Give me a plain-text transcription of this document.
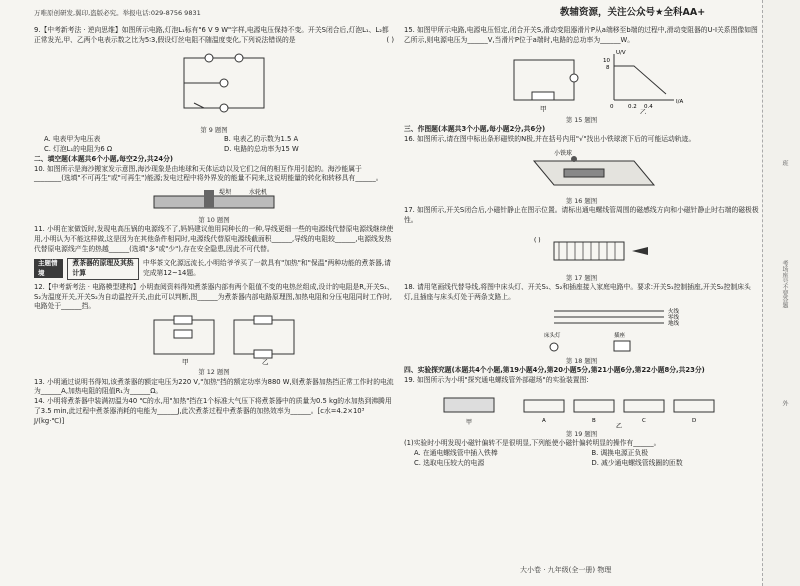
万唯原创研发,翼印,盗版必究。举报电话:029-8756 9831	教辅资源，关注公众号★全科AA+

9.【中考新考法 · 逆向思维】如图所示电路,灯泡L₁标有"6 V 9 W"字样,电源电压保持不变。开关S闭合后,灯泡L₁、L₂都正常发光,甲、乙两个电表示数之比为5∶3,假设灯丝电阻不随温度变化,下列说法错误的是	( )

第 9 题图
A. 电表甲为电压表	B. 电表乙的示数为1.5 A
C. 灯泡L₁的电阻为6 Ω	D. 电路的总功率为15 W

二、填空题(本题共6个小题,每空2分,共24分)

10. 如图所示是海沙搬家发示意图,海沙现象是由地球和天体运动以及它们之间的相互作用引起的。海沙能属于________(选填"不可再生"或"可再生")能源;发电过程中将外界发的能量不同来,这说明能量的转化和转移具有______。

堤坝	水轮机
第 10 题图

11. 小明在家做饭时,发现电高压锅的电源线不了,妈妈建议他用同种长的一种,导线更细一些的电源线代替原电源线继续使用,小明认为不能这样做,这是因为在其他条件相同时,电源线代替原电源线截面积______,导线的电阻较______,电源线发热代替原电源线产生的热越______(选填"多"或"少"),存在安全隐患,因此不可代替。

主题情境
煮茶器的原理及其热计算
中华茶文化源远流长,小明给爷爷买了一款具有"加热"和"保温"两种功能的煮茶器,请完成第12~14题。

12.【中考新考法 · 电路模型建构】小明查阅资料得知煮茶器内部有两个阻值不变的电热丝组成,设计的电阻是R,开关S₁、S₂为温度开关,开关S₂为自动温控开关,由此可以判断,图______为煮茶器内部电路原理图,加热电阻和分压电阻同时工作时,电路处于______挡。

甲	乙
第 12 题图

13. 小明通过说明书得知,该煮茶器的额定电压为220 V,"加热"挡的额定功率为880 W,则煮茶器加热挡正常工作时的电流为______A,加热电阻的阻值R₁为______Ω。

14. 小明将煮茶器中装满初温为40 ℃的水,用"加热"挡在1个标准大气压下将煮茶器中的质量为0.5 kg的水加热到沸腾用了3.5 min,此过程中煮茶器消耗的电能为______J,此次煮茶过程中煮茶器的加热效率为______。[c水=4.2×10³ J/(kg·℃)]

15. 如图甲所示电路,电源电压恒定,闭合开关S,滑动变阻器滑片P从a端移至b端的过程中,滑动变阻器的U-I关系图像如图乙所示,则电源电压为______V,当滑片P位于a端时,电路的总功率为______W。

甲
U/V
I/A
10
8
0	0.2 0.4
乙
第 15 题图

三、作图题(本题共3个小题,每小题2分,共6分)

16. 如图所示,请在图中标出条形磁铁的N极,并在括号内用"√"找出小铁球滚下后的可能运动轨迹。

小铁球
第 16 题图

17. 如图所示,开关S闭合后,小磁针静止在图示位置。请标出通电螺线管周围的磁感线方向和小磁针静止时右端的磁极极性。

( )
第 17 题图

18. 请用笔画线代替导线,将图中床头灯、开关S₁、S₂和插座接入家庭电路中。要求:开关S₁控制插座,开关S₂控制床头灯,且插座与床头灯处于两条支路上。

火线
零线
地线
床头灯	插座
第 18 题图

四、实验探究题(本题共4个小题,第19小题4分,第20小题5分,第21小题6分,第22小题8分,共23分)

19. 如图所示为小明"探究通电螺线管外部磁场"的实验装置图:

甲	A	B	C	D
乙
第 19 题图

(1)实验时小明发现小磁针偏转不是很明显,下列能使小磁针偏转明显的操作有______。

A. 在通电螺线管中插入铁棒	B. 调换电源正负极
C. 选取电压较大的电源	D. 减少通电螺线管线圈的匝数
大小卷 · 九年级(全一册) 物理
班
考场座号不要答题
外
